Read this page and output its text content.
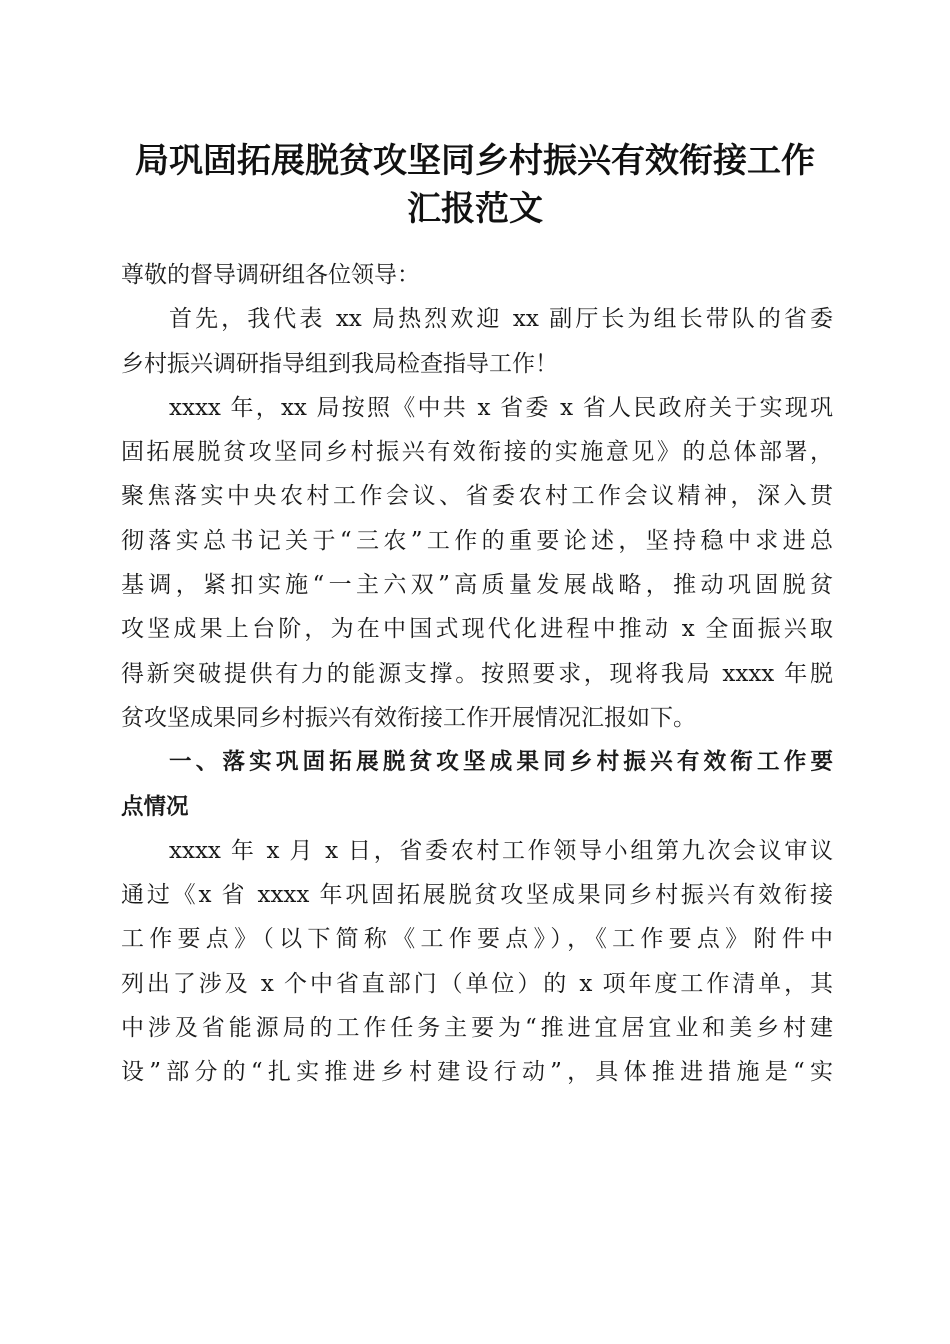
局巩固拓展脱贫攻坚同乡村振兴有效衔接工作
汇报范文
尊敬的督导调研组各位领导：
首先，我代表 xx 局热烈欢迎 xx 副厅长为组长带队的省委
乡村振兴调研指导组到我局检查指导工作！
xxxx 年，xx 局按照《中共 x 省委 x 省人民政府关于实现巩
固拓展脱贫攻坚同乡村振兴有效衔接的实施意见》的总体部署，
聚焦落实中央农村工作会议、省委农村工作会议精神，深入贯
彻落实总书记关于“三农”工作的重要论述，坚持稳中求进总
基调，紧扣实施“一主六双”高质量发展战略，推动巩固脱贫
攻坚成果上台阶，为在中国式现代化进程中推动 x 全面振兴取
得新突破提供有力的能源支撑。按照要求，现将我局 xxxx 年脱
贫攻坚成果同乡村振兴有效衔接工作开展情况汇报如下。
一、落实巩固拓展脱贫攻坚成果同乡村振兴有效衔工作要
点情况
xxxx 年 x 月 x 日，省委农村工作领导小组第九次会议审议
通过《x 省 xxxx 年巩固拓展脱贫攻坚成果同乡村振兴有效衔接
工作要点》（以下简称《工作要点》），《工作要点》附件中
列出了涉及 x 个中省直部门（单位）的 x 项年度工作清单，其
中涉及省能源局的工作任务主要为“推进宜居宜业和美乡村建
设”部分的“扎实推进乡村建设行动”，具体推进措施是“实
